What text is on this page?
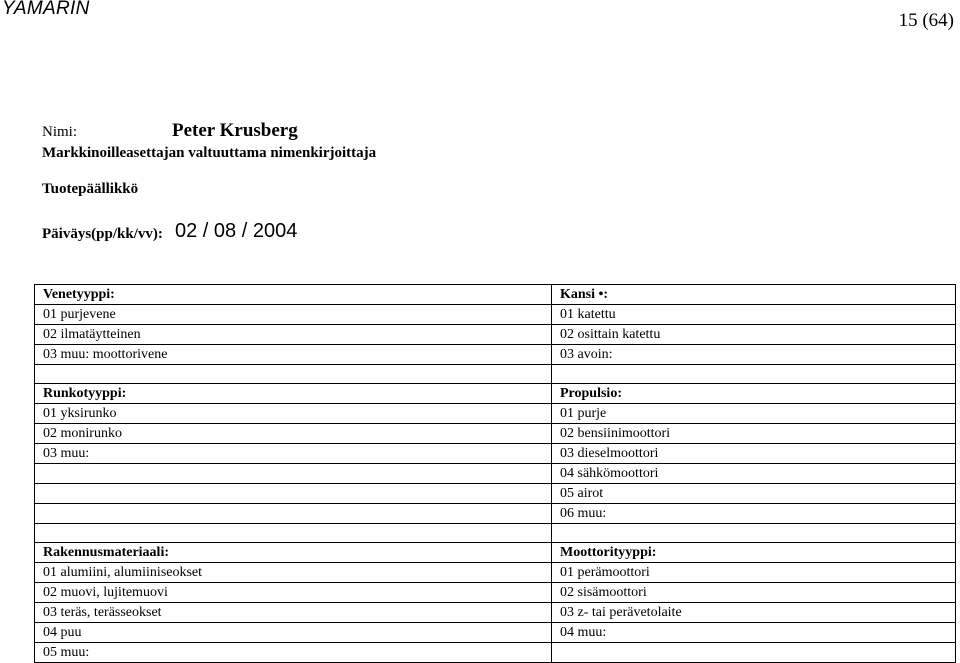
YAMARIN
15 (64)
Nimi:	Peter Krusberg
Markkinoilleasettajan valtuuttama nimenkirjoittaja
Tuotepäällikkö
Päiväys(pp/kk/vv): 02 / 08 / 2004
Venetyyppi:	Kansi •:
01 purjevene	01 katettu
02 ilmatäytteinen	02 osittain katettu
03 muu: moottorivene	03 avoin:

Runkotyyppi:	Propulsio:
01 yksirunko	01 purje
02 monirunko	02 bensiinimoottori
03 muu:	03 dieselmoottori
	04 sähkömoottori
	05 airot
	06 muu:

Rakennusmateriaali:	Moottorityyppi:
01 alumiini, alumiiniseokset	01 perämoottori
02 muovi, lujitemuovi	02 sisämoottori
03 teräs, terässeokset	03 z- tai perävetolaite
04 puu	04 muu:
05 muu:	
